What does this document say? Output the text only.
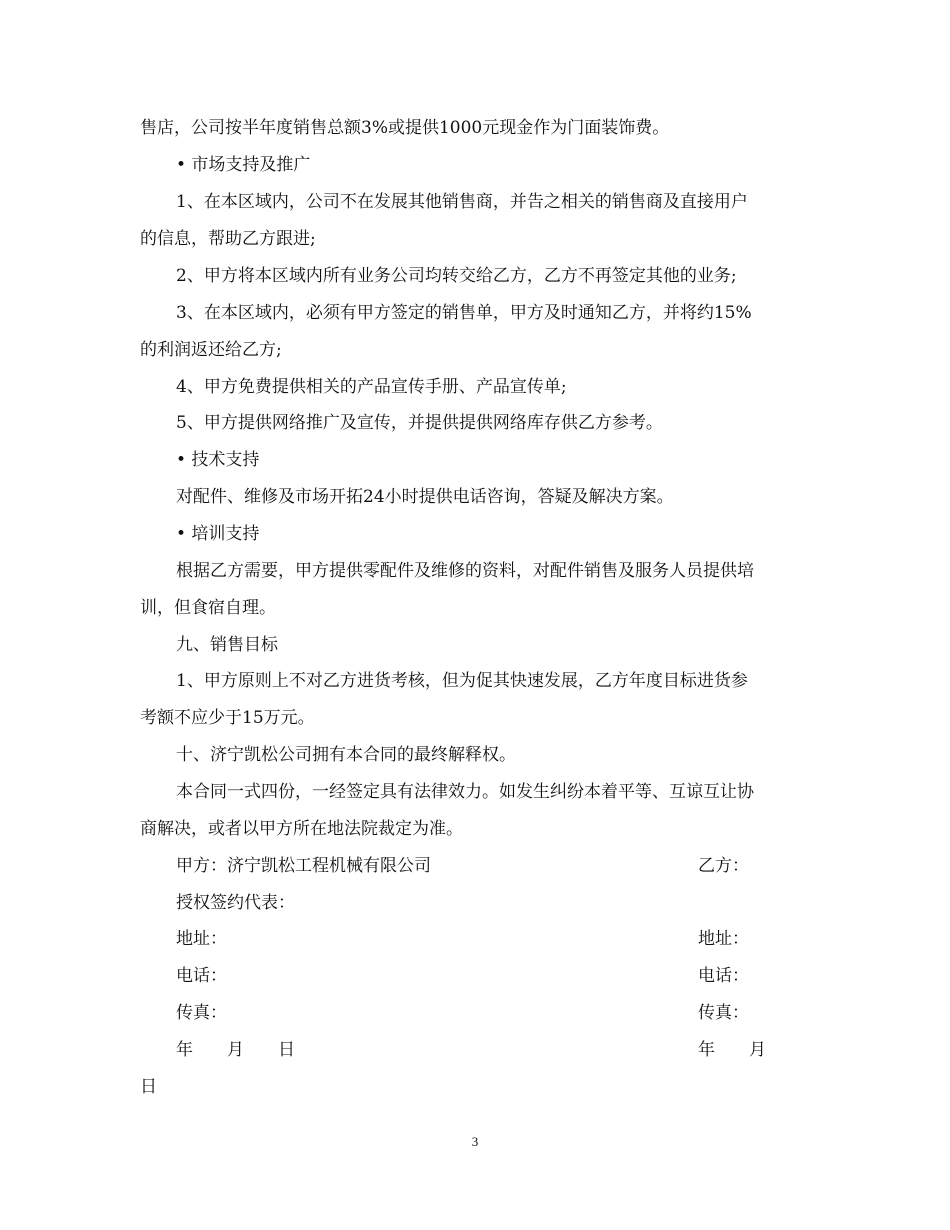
售店，公司按半年度销售总额3%或提供1000元现金作为门面装饰费。
• 市场支持及推广
1、在本区域内，公司不在发展其他销售商，并告之相关的销售商及直接用户
的信息，帮助乙方跟进;
2、甲方将本区域内所有业务公司均转交给乙方，乙方不再签定其他的业务;
3、在本区域内，必须有甲方签定的销售单，甲方及时通知乙方，并将约15%
的利润返还给乙方;
4、甲方免费提供相关的产品宣传手册、产品宣传单;
5、甲方提供网络推广及宣传，并提供提供网络库存供乙方参考。
• 技术支持
对配件、维修及市场开拓24小时提供电话咨询，答疑及解决方案。
• 培训支持
根据乙方需要，甲方提供零配件及维修的资料，对配件销售及服务人员提供培
训，但食宿自理。
九、销售目标
1、甲方原则上不对乙方进货考核，但为促其快速发展，乙方年度目标进货参
考额不应少于15万元。
十、济宁凯松公司拥有本合同的最终解释权。
本合同一式四份，一经签定具有法律效力。如发生纠纷本着平等、互谅互让协
商解决，或者以甲方所在地法院裁定为准。
甲方：济宁凯松工程机械有限公司	乙方：
授权签约代表：
地址：	地址：
电话：	电话：
传真：	传真：
年　　月　　日	年　　月
日
3
